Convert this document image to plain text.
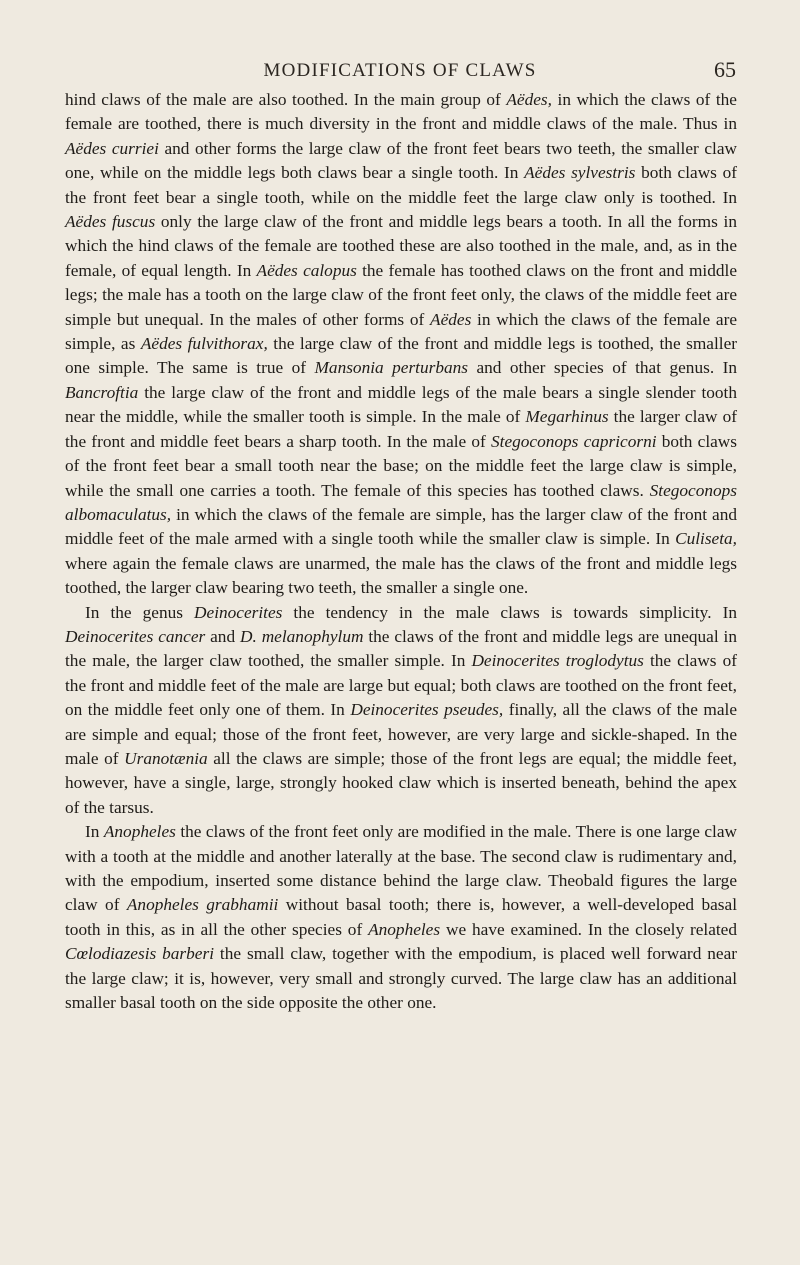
MODIFICATIONS OF CLAWS	65

hind claws of the male are also toothed. In the main group of Aëdes, in which the claws of the female are toothed, there is much diversity in the front and middle claws of the male. Thus in Aëdes curriei and other forms the large claw of the front feet bears two teeth, the smaller claw one, while on the middle legs both claws bear a single tooth. In Aëdes sylvestris both claws of the front feet bear a single tooth, while on the middle feet the large claw only is toothed. In Aëdes fuscus only the large claw of the front and middle legs bears a tooth. In all the forms in which the hind claws of the female are toothed these are also toothed in the male, and, as in the female, of equal length. In Aëdes calopus the female has toothed claws on the front and middle legs; the male has a tooth on the large claw of the front feet only, the claws of the middle feet are simple but unequal. In the males of other forms of Aëdes in which the claws of the female are simple, as Aëdes fulvithorax, the large claw of the front and middle legs is toothed, the smaller one simple. The same is true of Mansonia perturbans and other species of that genus. In Bancroftia the large claw of the front and middle legs of the male bears a single slender tooth near the middle, while the smaller tooth is simple. In the male of Megarhinus the larger claw of the front and middle feet bears a sharp tooth. In the male of Stegoconops capricorni both claws of the front feet bear a small tooth near the base; on the middle feet the large claw is simple, while the small one carries a tooth. The female of this species has toothed claws. Stegoconops albomaculatus, in which the claws of the female are simple, has the larger claw of the front and middle feet of the male armed with a single tooth while the smaller claw is simple. In Culiseta, where again the female claws are unarmed, the male has the claws of the front and middle legs toothed, the larger claw bearing two teeth, the smaller a single one.

In the genus Deinocerites the tendency in the male claws is towards simplicity. In Deinocerites cancer and D. melanophylum the claws of the front and middle legs are unequal in the male, the larger claw toothed, the smaller simple. In Deinocerites troglodytus the claws of the front and middle feet of the male are large but equal; both claws are toothed on the front feet, on the middle feet only one of them. In Deinocerites pseudes, finally, all the claws of the male are simple and equal; those of the front feet, however, are very large and sickle-shaped. In the male of Uranotænia all the claws are simple; those of the front legs are equal; the middle feet, however, have a single, large, strongly hooked claw which is inserted beneath, behind the apex of the tarsus.

In Anopheles the claws of the front feet only are modified in the male. There is one large claw with a tooth at the middle and another laterally at the base. The second claw is rudimentary and, with the empodium, inserted some distance behind the large claw. Theobald figures the large claw of Anopheles grabhamii without basal tooth; there is, however, a well-developed basal tooth in this, as in all the other species of Anopheles we have examined. In the closely related Cœlodiazesis barberi the small claw, together with the empodium, is placed well forward near the large claw; it is, however, very small and strongly curved. The large claw has an additional smaller basal tooth on the side opposite the other one.
